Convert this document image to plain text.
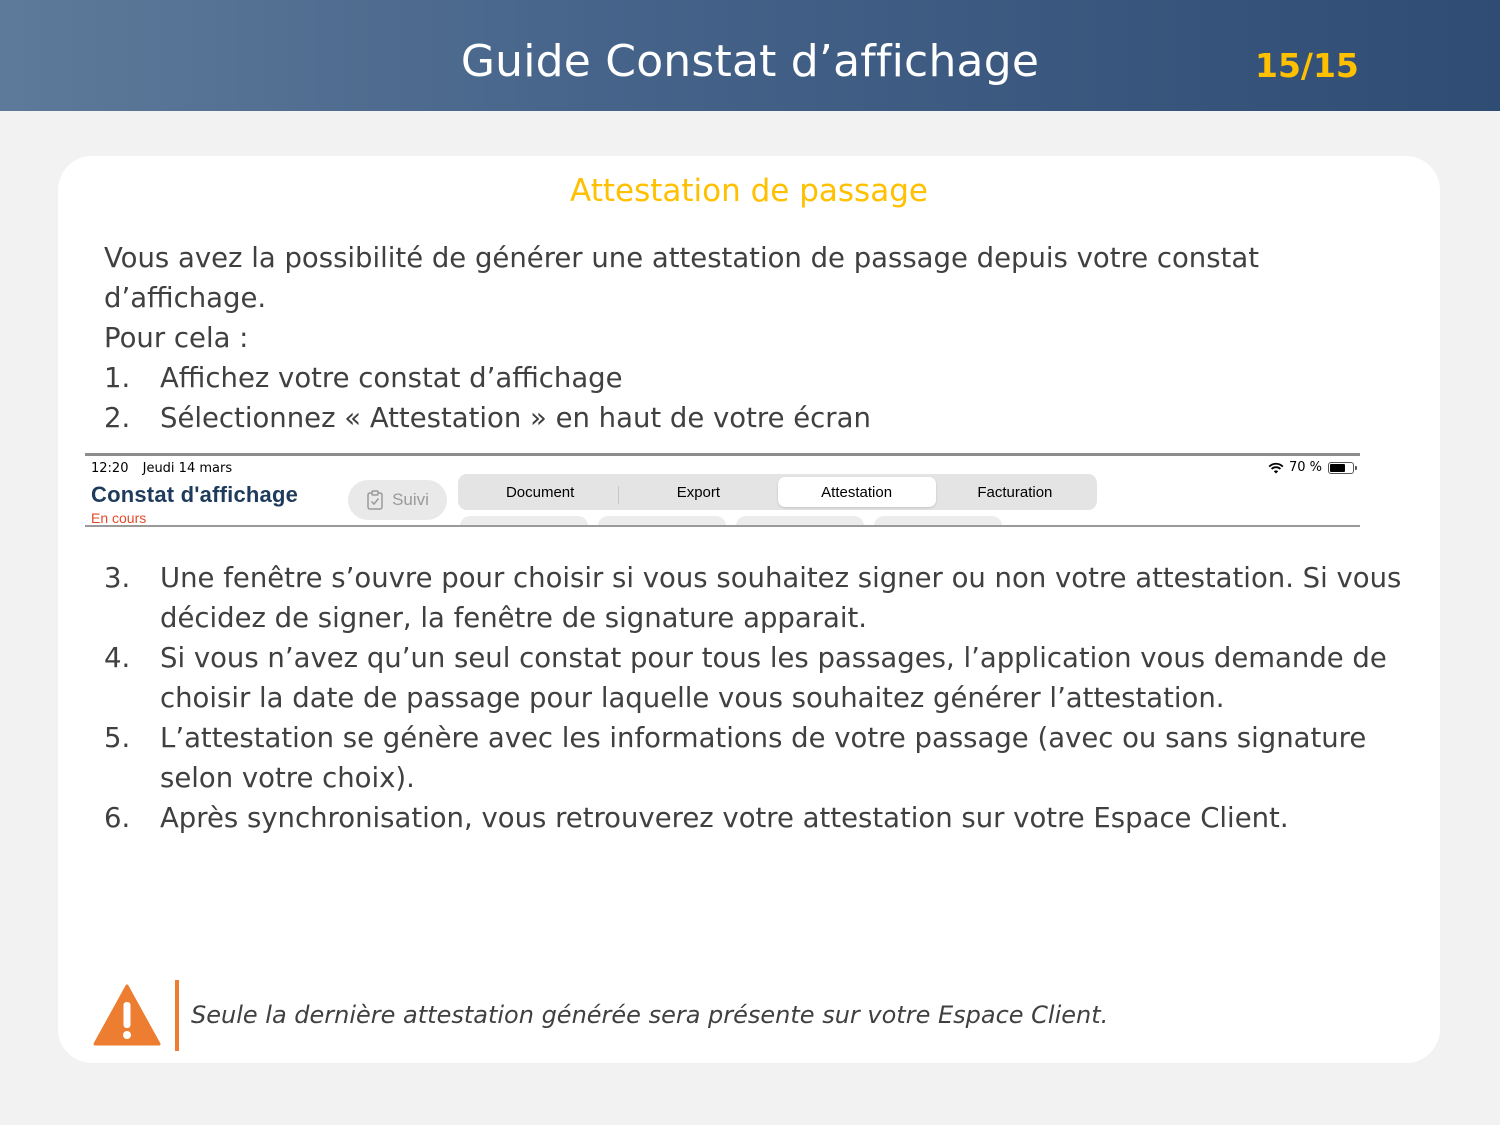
Guide Constat d’affichage	15/15
Attestation de passage
Vous avez la possibilité de générer une attestation de passage depuis votre constat d’affichage.
Pour cela :
1. Affichez votre constat d’affichage
2. Sélectionnez « Attestation » en haut de votre écran
3. Une fenêtre s’ouvre pour choisir si vous souhaitez signer ou non votre attestation. Si vous
décidez de signer, la fenêtre de signature apparait.
4. Si vous n’avez qu’un seul constat pour tous les passages, l’application vous demande de
choisir la date de passage pour laquelle vous souhaitez générer l’attestation.
5. L’attestation se génère avec les informations de votre passage (avec ou sans signature
selon votre choix).
6. Après synchronisation, vous retrouverez votre attestation sur votre Espace Client.
12:20 Jeudi 14 mars	70 %
Constat d'affichage
En cours
Suivi	Document	Export	Attestation	Facturation
Seule la dernière attestation générée sera présente sur votre Espace Client.
